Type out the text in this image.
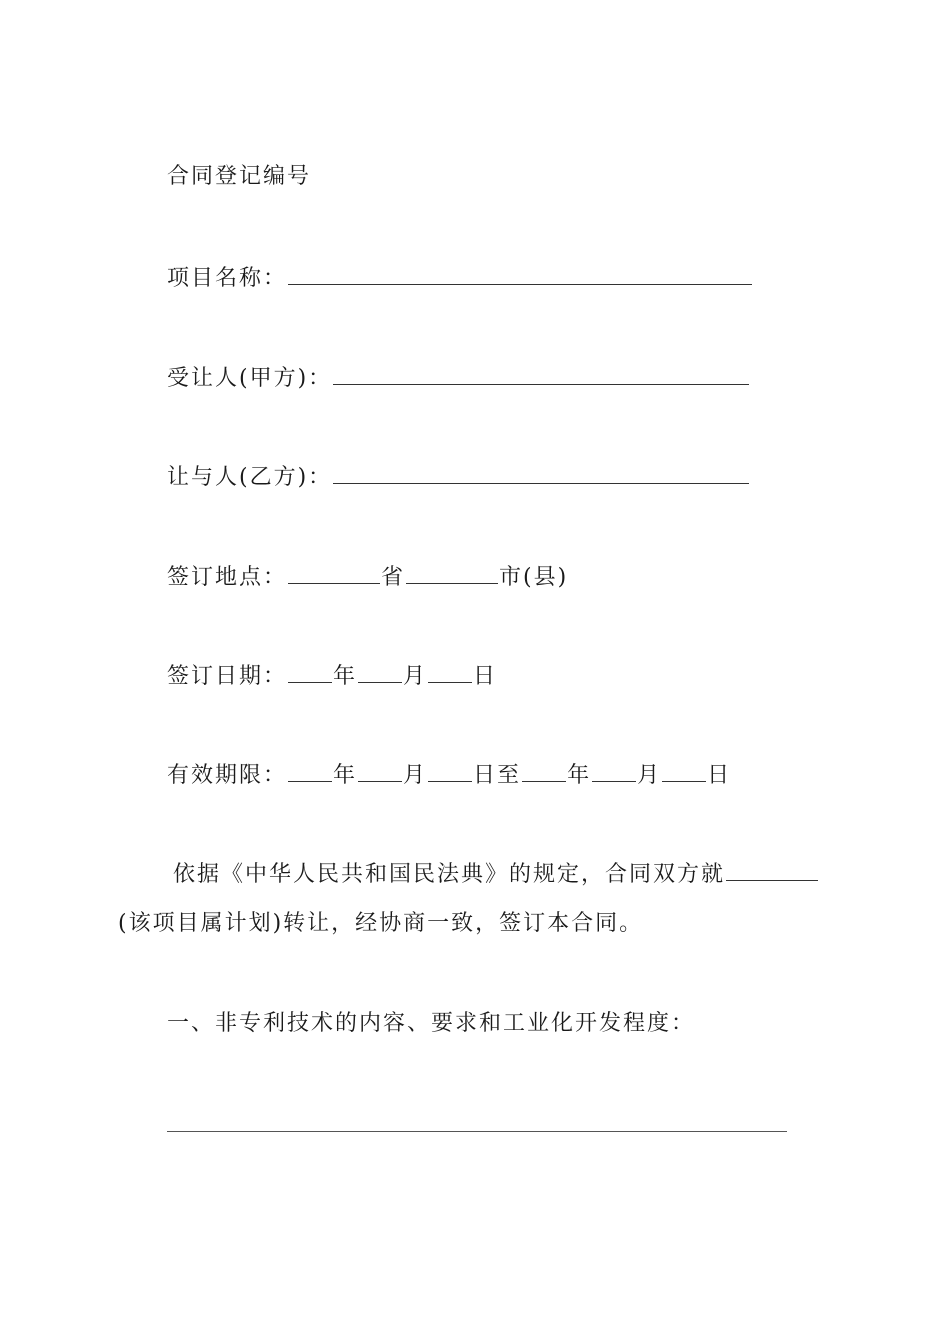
合同登记编号
项目名称：
受让人(甲方)：
让与人(乙方)：
签订地点：	省	市(县)
签订日期： 年 月 日
有效期限： 年 月 日至 年 月 日
依据《中华人民共和国民法典》的规定，合同双方就
(该项目属计划)转让，经协商一致，签订本合同。
一、非专利技术的内容、要求和工业化开发程度：
